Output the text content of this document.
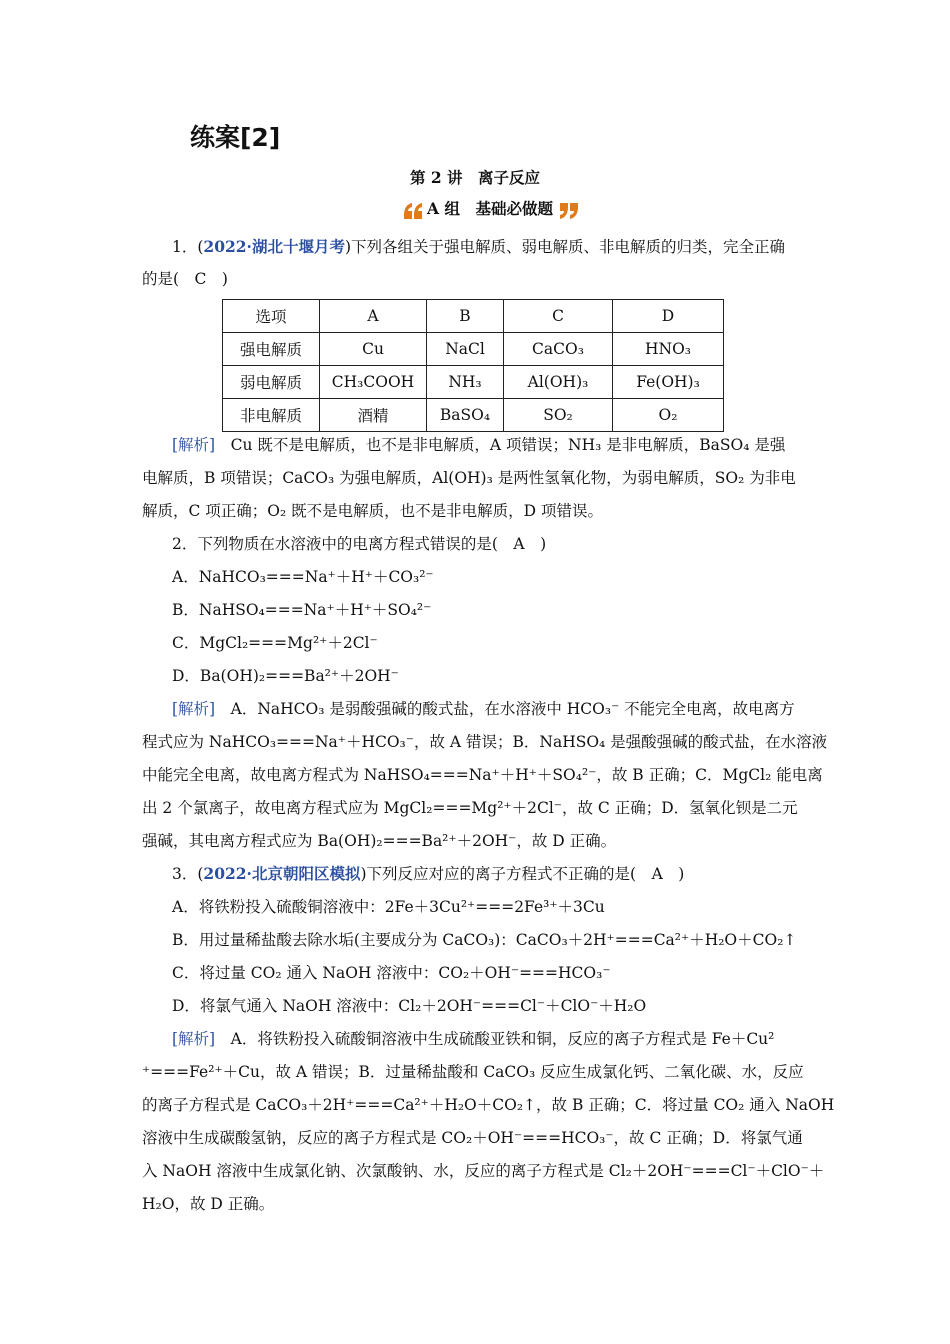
练案[2]
第 2 讲　离子反应
A 组　基础必做题
1．(2022·湖北十堰月考)下列各组关于强电解质、弱电解质、非电解质的归类，完全正确
的是(　C　)
选项	A	B	C	D
强电解质	Cu	NaCl	CaCO₃	HNO₃
弱电解质	CH₃COOH	NH₃	Al(OH)₃	Fe(OH)₃
非电解质	酒精	BaSO₄	SO₂	O₂
[解析]　 Cu 既不是电解质，也不是非电解质，A 项错误；NH₃ 是非电解质，BaSO₄ 是强
电解质，B 项错误；CaCO₃ 为强电解质，Al(OH)₃ 是两性氢氧化物，为弱电解质，SO₂ 为非电
解质，C 项正确；O₂ 既不是电解质，也不是非电解质，D 项错误。
2．下列物质在水溶液中的电离方程式错误的是(　A　)
A．NaHCO₃===Na⁺＋H⁺＋CO₃²⁻
B．NaHSO₄===Na⁺＋H⁺＋SO₄²⁻
C．MgCl₂===Mg²⁺＋2Cl⁻
D．Ba(OH)₂===Ba²⁺＋2OH⁻
[解析]　 A．NaHCO₃ 是弱酸强碱的酸式盐，在水溶液中 HCO₃⁻ 不能完全电离，故电离方
程式应为 NaHCO₃===Na⁺＋HCO₃⁻，故 A 错误；B．NaHSO₄ 是强酸强碱的酸式盐，在水溶液
中能完全电离，故电离方程式为 NaHSO₄===Na⁺＋H⁺＋SO₄²⁻，故 B 正确；C．MgCl₂ 能电离
出 2 个氯离子，故电离方程式应为 MgCl₂===Mg²⁺＋2Cl⁻，故 C 正确；D．氢氧化钡是二元
强碱，其电离方程式应为 Ba(OH)₂===Ba²⁺＋2OH⁻，故 D 正确。
3．(2022·北京朝阳区模拟)下列反应对应的离子方程式不正确的是(　A　)
A．将铁粉投入硫酸铜溶液中：2Fe＋3Cu²⁺===2Fe³⁺＋3Cu
B．用过量稀盐酸去除水垢(主要成分为 CaCO₃)：CaCO₃＋2H⁺===Ca²⁺＋H₂O＋CO₂↑
C．将过量 CO₂ 通入 NaOH 溶液中：CO₂＋OH⁻===HCO₃⁻
D．将氯气通入 NaOH 溶液中：Cl₂＋2OH⁻===Cl⁻＋ClO⁻＋H₂O
[解析]　 A．将铁粉投入硫酸铜溶液中生成硫酸亚铁和铜，反应的离子方程式是 Fe＋Cu²
⁺===Fe²⁺＋Cu，故 A 错误；B．过量稀盐酸和 CaCO₃ 反应生成氯化钙、二氧化碳、水，反应
的离子方程式是 CaCO₃＋2H⁺===Ca²⁺＋H₂O＋CO₂↑，故 B 正确；C．将过量 CO₂ 通入 NaOH
溶液中生成碳酸氢钠，反应的离子方程式是 CO₂＋OH⁻===HCO₃⁻，故 C 正确；D．将氯气通
入 NaOH 溶液中生成氯化钠、次氯酸钠、水，反应的离子方程式是 Cl₂＋2OH⁻===Cl⁻＋ClO⁻＋
H₂O，故 D 正确。
